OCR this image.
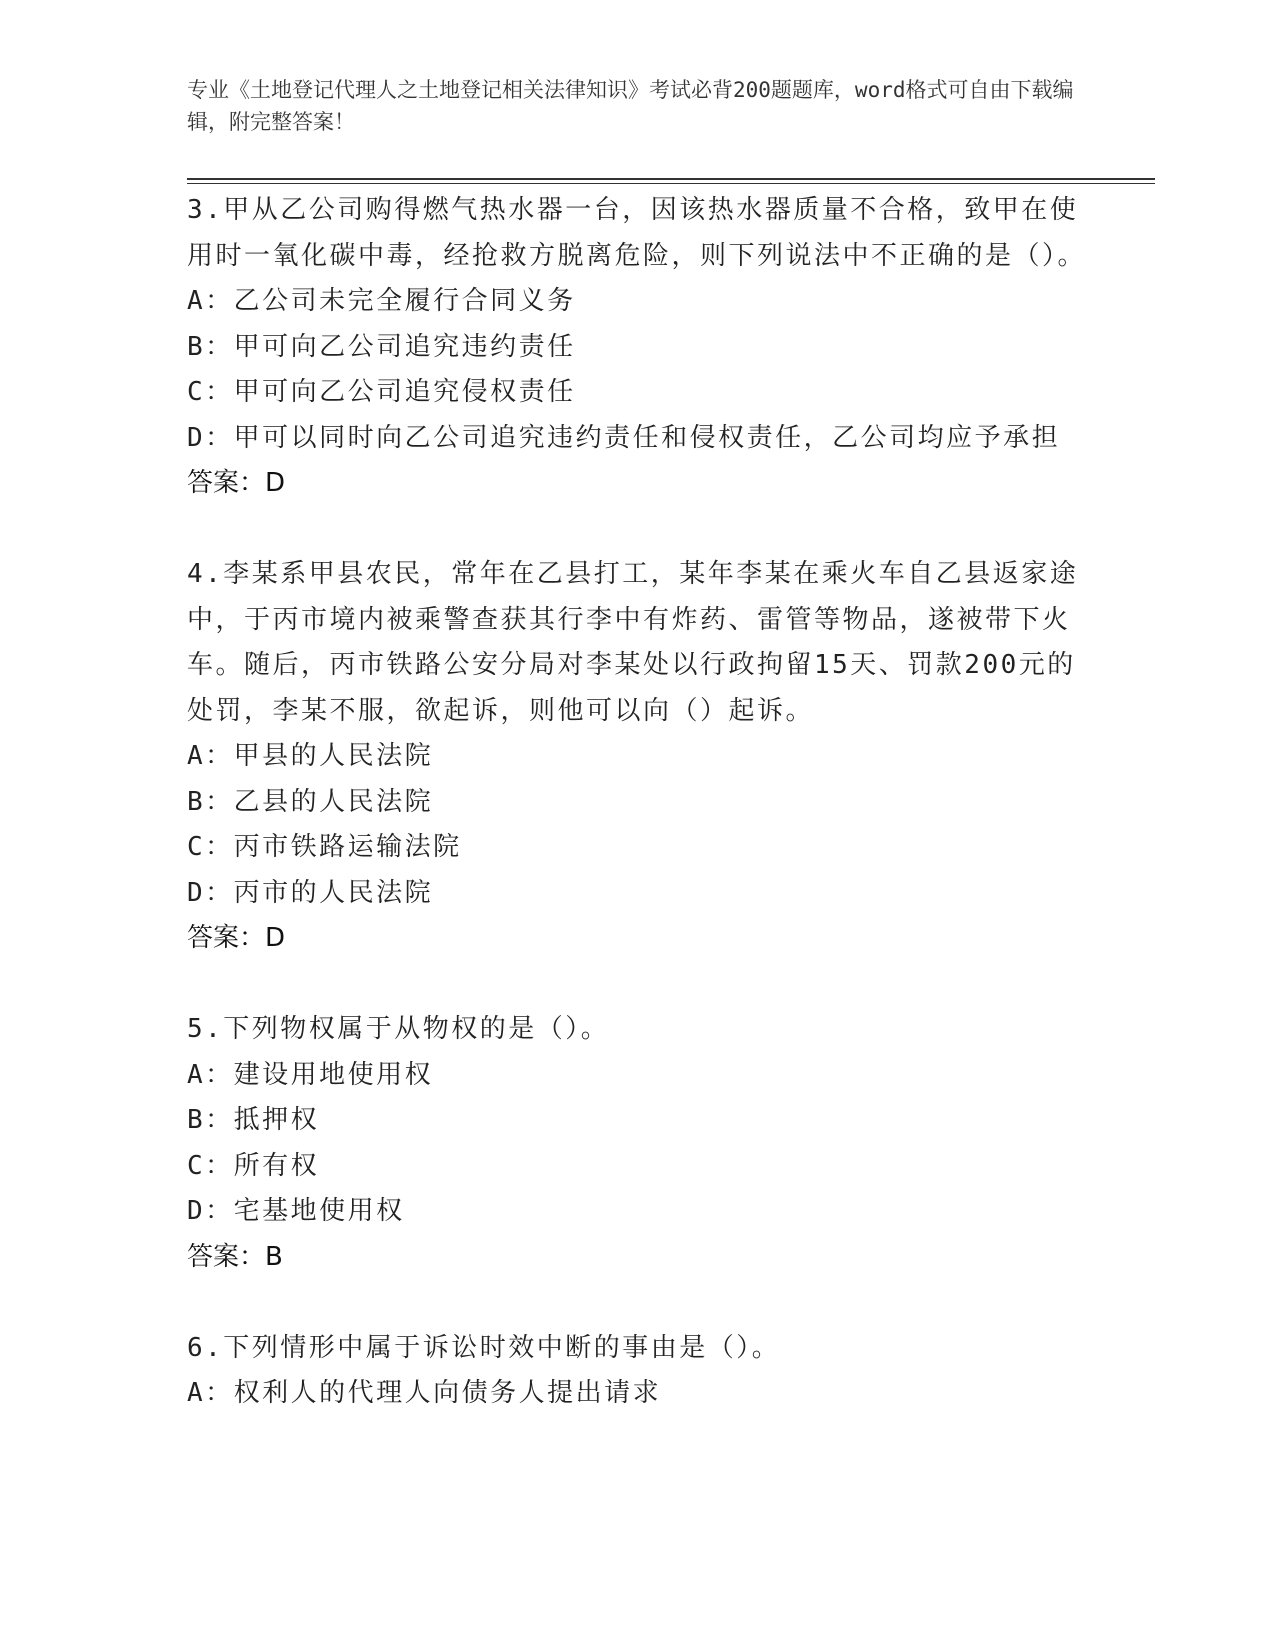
专业《土地登记代理人之土地登记相关法律知识》考试必背200题题库，word格式可自由下载编辑，附完整答案！
3.甲从乙公司购得燃气热水器一台，因该热水器质量不合格，致甲在使用时一氧化碳中毒，经抢救方脱离危险，则下列说法中不正确的是（）。
A：乙公司未完全履行合同义务
B：甲可向乙公司追究违约责任
C：甲可向乙公司追究侵权责任
D：甲可以同时向乙公司追究违约责任和侵权责任，乙公司均应予承担
答案：D
4.李某系甲县农民，常年在乙县打工，某年李某在乘火车自乙县返家途中，于丙市境内被乘警查获其行李中有炸药、雷管等物品，遂被带下火车。随后，丙市铁路公安分局对李某处以行政拘留15天、罚款200元的处罚，李某不服，欲起诉，则他可以向（）起诉。
A：甲县的人民法院
B：乙县的人民法院
C：丙市铁路运输法院
D：丙市的人民法院
答案：D
5.下列物权属于从物权的是（）。
A：建设用地使用权
B：抵押权
C：所有权
D：宅基地使用权
答案：B
6.下列情形中属于诉讼时效中断的事由是（）。
A：权利人的代理人向债务人提出请求
